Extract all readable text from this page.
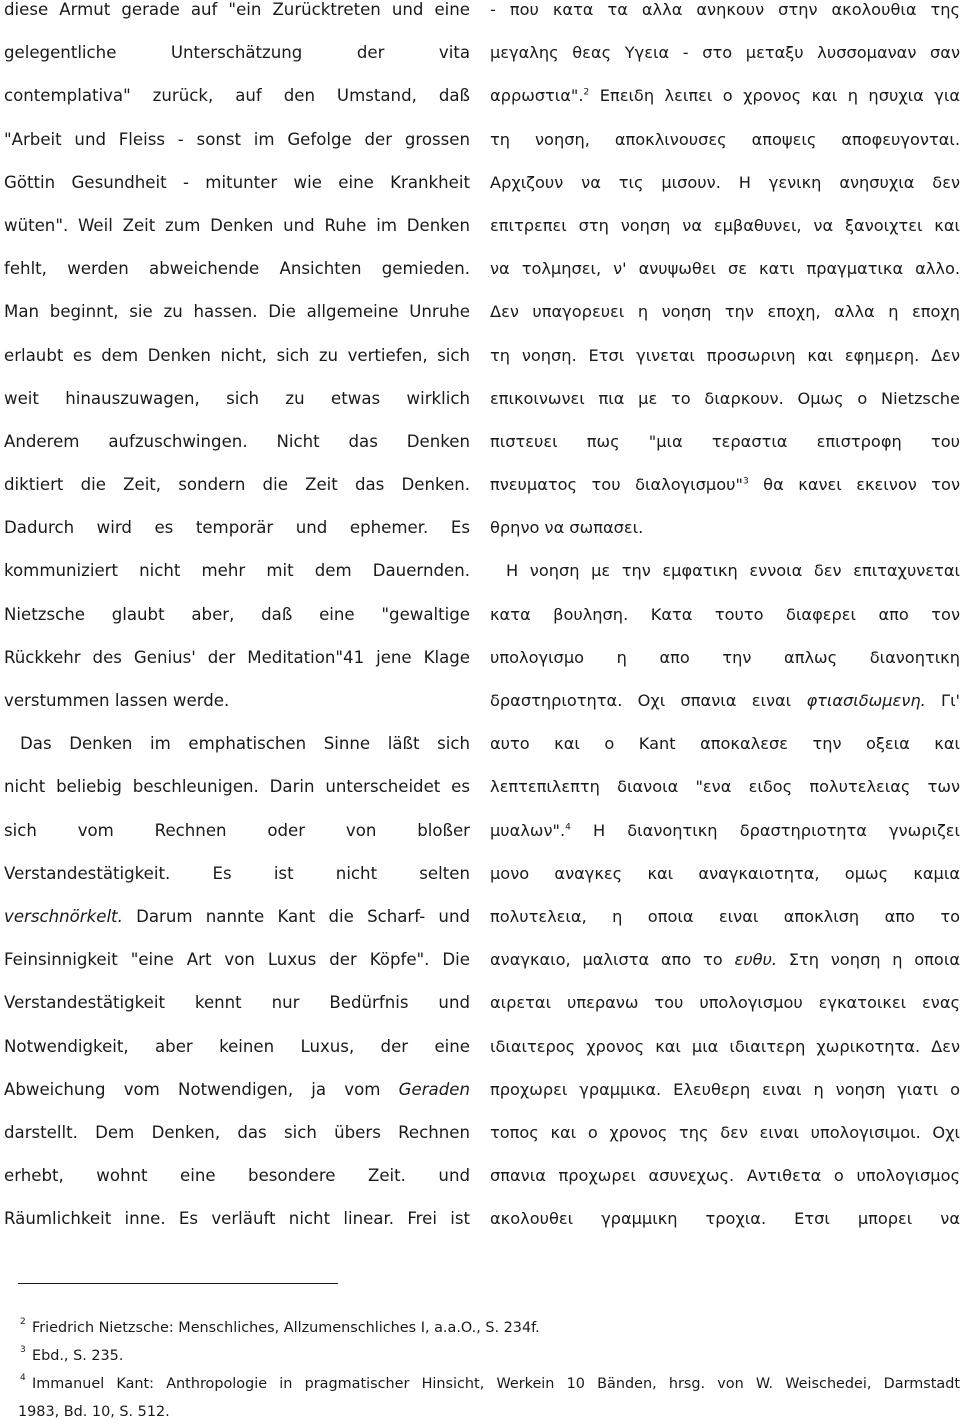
diese Armut gerade auf "ein Zurücktreten und eine
gelegentliche Unterschätzung der vita
contemplativa" zurück, auf den Umstand, daß
"Arbeit und Fleiss - sonst im Gefolge der grossen
Göttin Gesundheit - mitunter wie eine Krankheit
wüten". Weil Zeit zum Denken und Ruhe im Denken
fehlt, werden abweichende Ansichten gemieden.
Man beginnt, sie zu hassen. Die allgemeine Unruhe
erlaubt es dem Denken nicht, sich zu vertiefen, sich
weit hinauszuwagen, sich zu etwas wirklich
Anderem aufzuschwingen. Nicht das Denken
diktiert die Zeit, sondern die Zeit das Denken.
Dadurch wird es temporär und ephemer. Es
kommuniziert nicht mehr mit dem Dauernden.
Nietzsche glaubt aber, daß eine "gewaltige
Rückkehr des Genius' der Meditation"41 jene Klage
verstummen lassen werde.
Das Denken im emphatischen Sinne läßt sich
nicht beliebig beschleunigen. Darin unterscheidet es
sich vom Rechnen oder von bloßer
Verstandestätigkeit. Es ist nicht selten
verschnörkelt. Darum nannte Kant die Scharf- und
Feinsinnigkeit "eine Art von Luxus der Köpfe". Die
Verstandestätigkeit kennt nur Bedürfnis und
Notwendigkeit, aber keinen Luxus, der eine
Abweichung vom Notwendigen, ja vom Geraden
darstellt. Dem Denken, das sich übers Rechnen
erhebt, wohnt eine besondere Zeit. und
Räumlichkeit inne. Es verläuft nicht linear. Frei ist
- που κατα τα αλλα ανηκουν στην ακολουθια της
μεγαλης θεας Υγεια - στο μεταξυ λυσσομαναν σαν
αρρωστια".$^2$ Επειδη λειπει ο χρονος και η ησυχια για
τη νοηση, αποκλινουσες αποψεις αποφευγονται.
Αρχιζουν να τις μισουν. Η γενικη ανησυχια δεν
επιτρεπει στη νοηση να εμβαθυνει, να ξανοιχτει και
να τολμησει, ν' ανυψωθει σε κατι πραγματικα αλλο.
Δεν υπαγορευει η νοηση την εποχη, αλλα η εποχη
τη νοηση. Ετσι γινεται προσωρινη και εφημερη. Δεν
επικοινωνει πια με το διαρκουν. Ομως ο Nietzsche
πιστευει πως "μια τεραστια επιστροφη του
πνευματος του διαλογισμου"$^3$ θα κανει εκεινον τον
θρηνο να σωπασει.
Η νοηση με την εμφατικη εννοια δεν επιταχυνεται
κατα βουληση. Κατα τουτο διαφερει απο τον
υπολογισμο η απο την απλως διανοητικη
δραστηριοτητα. Οχι σπανια ειναι φτιασιδωμενη. Γι'
αυτο και ο Kant αποκαλεσε την οξεια και
λεπτεπιλεπτη διανοια "ενα ειδος πολυτελειας των
μυαλων".$^4$ Η διανοητικη δραστηριοτητα γνωριζει
μονο αναγκες και αναγκαιοτητα, ομως καμια
πολυτελεια, η οποια ειναι αποκλιση απο το
αναγκαιο, μαλιστα απο το ευθυ. Στη νοηση η οποια
αιρεται υπερανω του υπολογισμου εγκατοικει ενας
ιδιαιτερος χρονος και μια ιδιαιτερη χωρικοτητα. Δεν
προχωρει γραμμικα. Ελευθερη ειναι η νοηση γιατι ο
τοπος και ο χρονος της δεν ειναι υπολογισιμοι. Οχι
σπανια προχωρει ασυνεχως. Αντιθετα ο υπολογισμος
ακολουθει γραμμικη τροχια. Ετσι μπορει να
2 Friedrich Nietzsche: Menschliches, Allzumenschliches I, a.a.O., S. 234f.
3 Ebd., S. 235.
4 Immanuel Kant: Anthropologie in pragmatischer Hinsicht, Werkein 10 Bänden, hrsg. von W. Weischedei, Darmstadt
1983, Bd. 10, S. 512.
